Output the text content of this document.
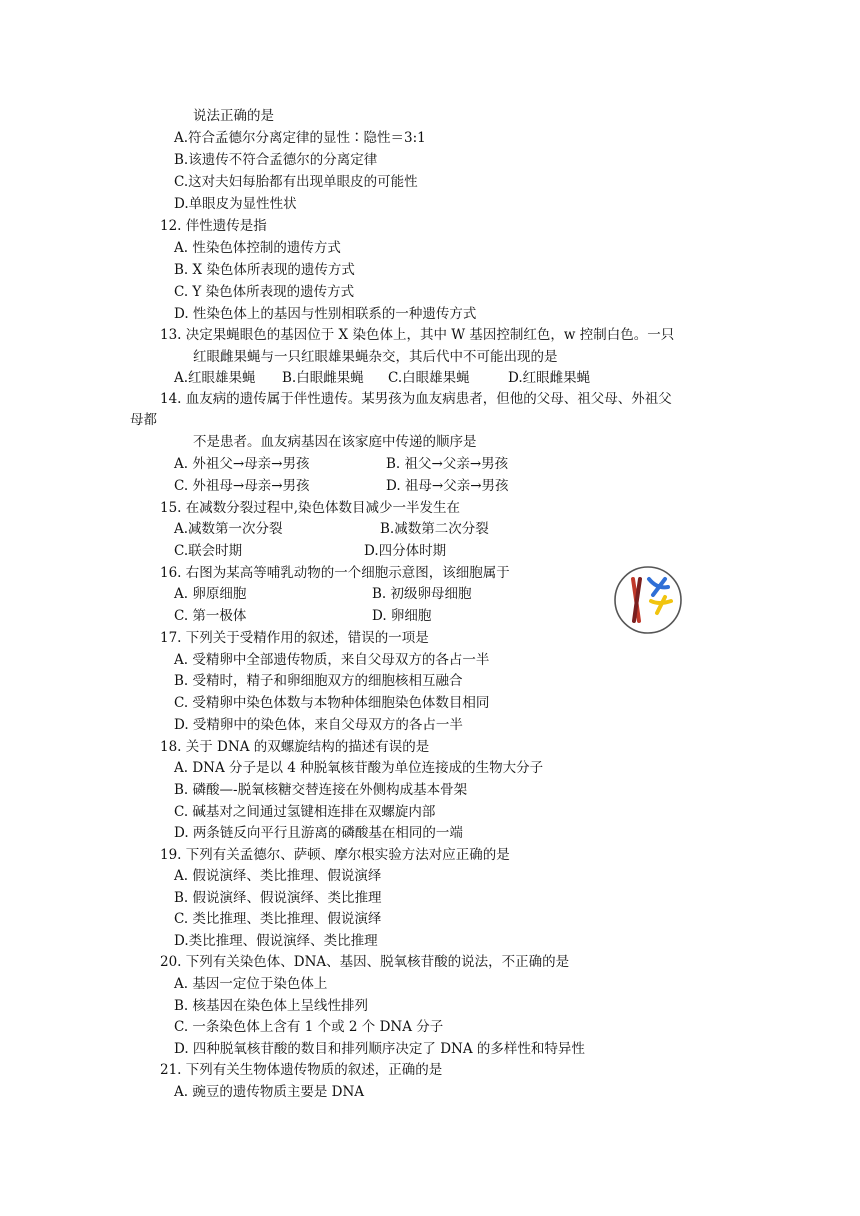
说法正确的是
A.符合孟德尔分离定律的显性∶隐性＝3:1
B.该遗传不符合孟德尔的分离定律
C.这对夫妇每胎都有出现单眼皮的可能性
D.单眼皮为显性性状
12. 伴性遗传是指
A. 性染色体控制的遗传方式
B. X 染色体所表现的遗传方式
C. Y 染色体所表现的遗传方式
D. 性染色体上的基因与性别相联系的一种遗传方式
13. 决定果蝇眼色的基因位于 X 染色体上，其中 W 基因控制红色，w 控制白色。一只
红眼雌果蝇与一只红眼雄果蝇杂交，其后代中不可能出现的是
A.红眼雄果蝇 B.白眼雌果蝇 C.白眼雄果蝇	D.红眼雌果蝇
14. 血友病的遗传属于伴性遗传。某男孩为血友病患者，但他的父母、祖父母、外祖父
母都
不是患者。血友病基因在该家庭中传递的顺序是
A. 外祖父→母亲→男孩	B. 祖父→父亲→男孩
C. 外祖母→母亲→男孩	D. 祖母→父亲→男孩
15. 在减数分裂过程中,染色体数目减少一半发生在
A.减数第一次分裂	B.减数第二次分裂
C.联会时期	D.四分体时期
16. 右图为某高等哺乳动物的一个细胞示意图，该细胞属于
A. 卵原细胞	B. 初级卵母细胞
C. 第一极体	D. 卵细胞
17. 下列关于受精作用的叙述，错误的一项是
A. 受精卵中全部遗传物质，来自父母双方的各占一半
B. 受精时，精子和卵细胞双方的细胞核相互融合
C. 受精卵中染色体数与本物种体细胞染色体数目相同
D. 受精卵中的染色体，来自父母双方的各占一半
18. 关于 DNA 的双螺旋结构的描述有误的是
A. DNA 分子是以 4 种脱氧核苷酸为单位连接成的生物大分子
B. 磷酸—-脱氧核糖交替连接在外侧构成基本骨架
C. 碱基对之间通过氢键相连排在双螺旋内部
D. 两条链反向平行且游离的磷酸基在相同的一端
19. 下列有关孟德尔、萨顿、摩尔根实验方法对应正确的是
A. 假说演绎、类比推理、假说演绎
B. 假说演绎、假说演绎、类比推理
C. 类比推理、类比推理、假说演绎
D.类比推理、假说演绎、类比推理
20. 下列有关染色体、DNA、基因、脱氧核苷酸的说法，不正确的是
A. 基因一定位于染色体上
B. 核基因在染色体上呈线性排列
C. 一条染色体上含有 1 个或 2 个 DNA 分子
D. 四种脱氧核苷酸的数目和排列顺序决定了 DNA 的多样性和特异性
21. 下列有关生物体遗传物质的叙述，正确的是
A. 豌豆的遗传物质主要是 DNA
